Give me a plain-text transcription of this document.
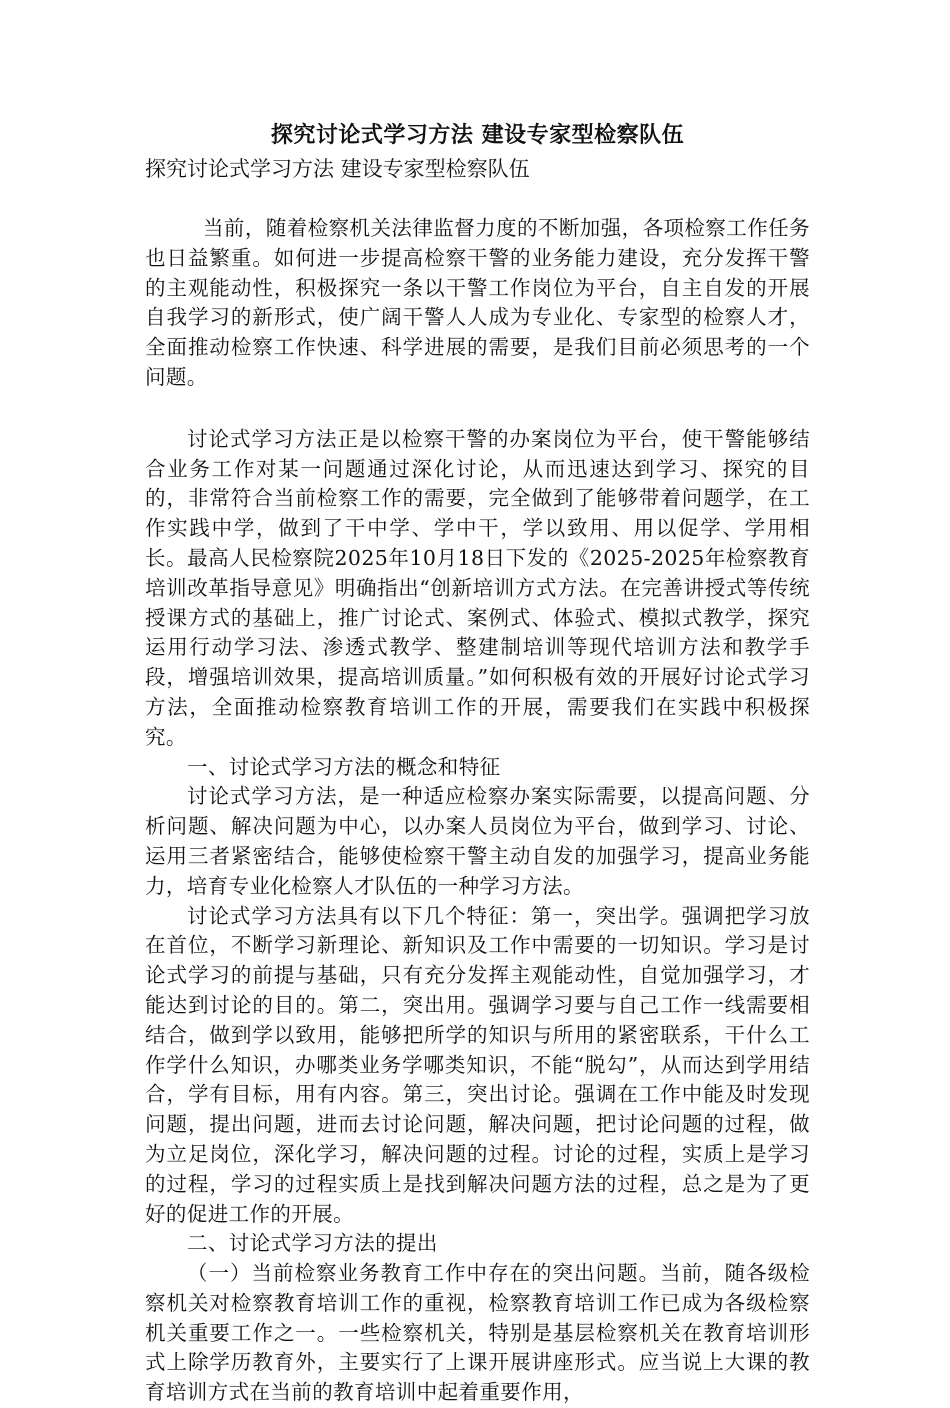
探究讨论式学习方法 建设专家型检察队伍
探究讨论式学习方法 建设专家型检察队伍

当前，随着检察机关法律监督力度的不断加强，各项检察工作任务也日益繁重。如何进一步提高检察干警的业务能力建设，充分发挥干警的主观能动性，积极探究一条以干警工作岗位为平台，自主自发的开展自我学习的新形式，使广阔干警人人成为专业化、专家型的检察人才，全面推动检察工作快速、科学进展的需要，是我们目前必须思考的一个问题。

讨论式学习方法正是以检察干警的办案岗位为平台，使干警能够结合业务工作对某一问题通过深化讨论，从而迅速达到学习、探究的目的，非常符合当前检察工作的需要，完全做到了能够带着问题学，在工作实践中学，做到了干中学、学中干，学以致用、用以促学、学用相长。最高人民检察院2025年10月18日下发的《2025-2025年检察教育培训改革指导意见》明确指出“创新培训方式方法。在完善讲授式等传统授课方式的基础上，推广讨论式、案例式、体验式、模拟式教学，探究运用行动学习法、渗透式教学、整建制培训等现代培训方法和教学手段，增强培训效果，提高培训质量。”如何积极有效的开展好讨论式学习方法，全面推动检察教育培训工作的开展，需要我们在实践中积极探究。

一、讨论式学习方法的概念和特征

讨论式学习方法，是一种适应检察办案实际需要，以提高问题、分析问题、解决问题为中心，以办案人员岗位为平台，做到学习、讨论、运用三者紧密结合，能够使检察干警主动自发的加强学习，提高业务能力，培育专业化检察人才队伍的一种学习方法。

讨论式学习方法具有以下几个特征：第一，突出学。强调把学习放在首位，不断学习新理论、新知识及工作中需要的一切知识。学习是讨论式学习的前提与基础，只有充分发挥主观能动性，自觉加强学习，才能达到讨论的目的。第二，突出用。强调学习要与自己工作一线需要相结合，做到学以致用，能够把所学的知识与所用的紧密联系，干什么工作学什么知识，办哪类业务学哪类知识，不能“脱勾”，从而达到学用结合，学有目标，用有内容。第三，突出讨论。强调在工作中能及时发现问题，提出问题，进而去讨论问题，解决问题，把讨论问题的过程，做为立足岗位，深化学习，解决问题的过程。讨论的过程，实质上是学习的过程，学习的过程实质上是找到解决问题方法的过程，总之是为了更好的促进工作的开展。

二、讨论式学习方法的提出

（一）当前检察业务教育工作中存在的突出问题。当前，随各级检察机关对检察教育培训工作的重视，检察教育培训工作已成为各级检察机关重要工作之一。一些检察机关，特别是基层检察机关在教育培训形式上除学历教育外，主要实行了上课开展讲座形式。应当说上大课的教育培训方式在当前的教育培训中起着重要作用，
